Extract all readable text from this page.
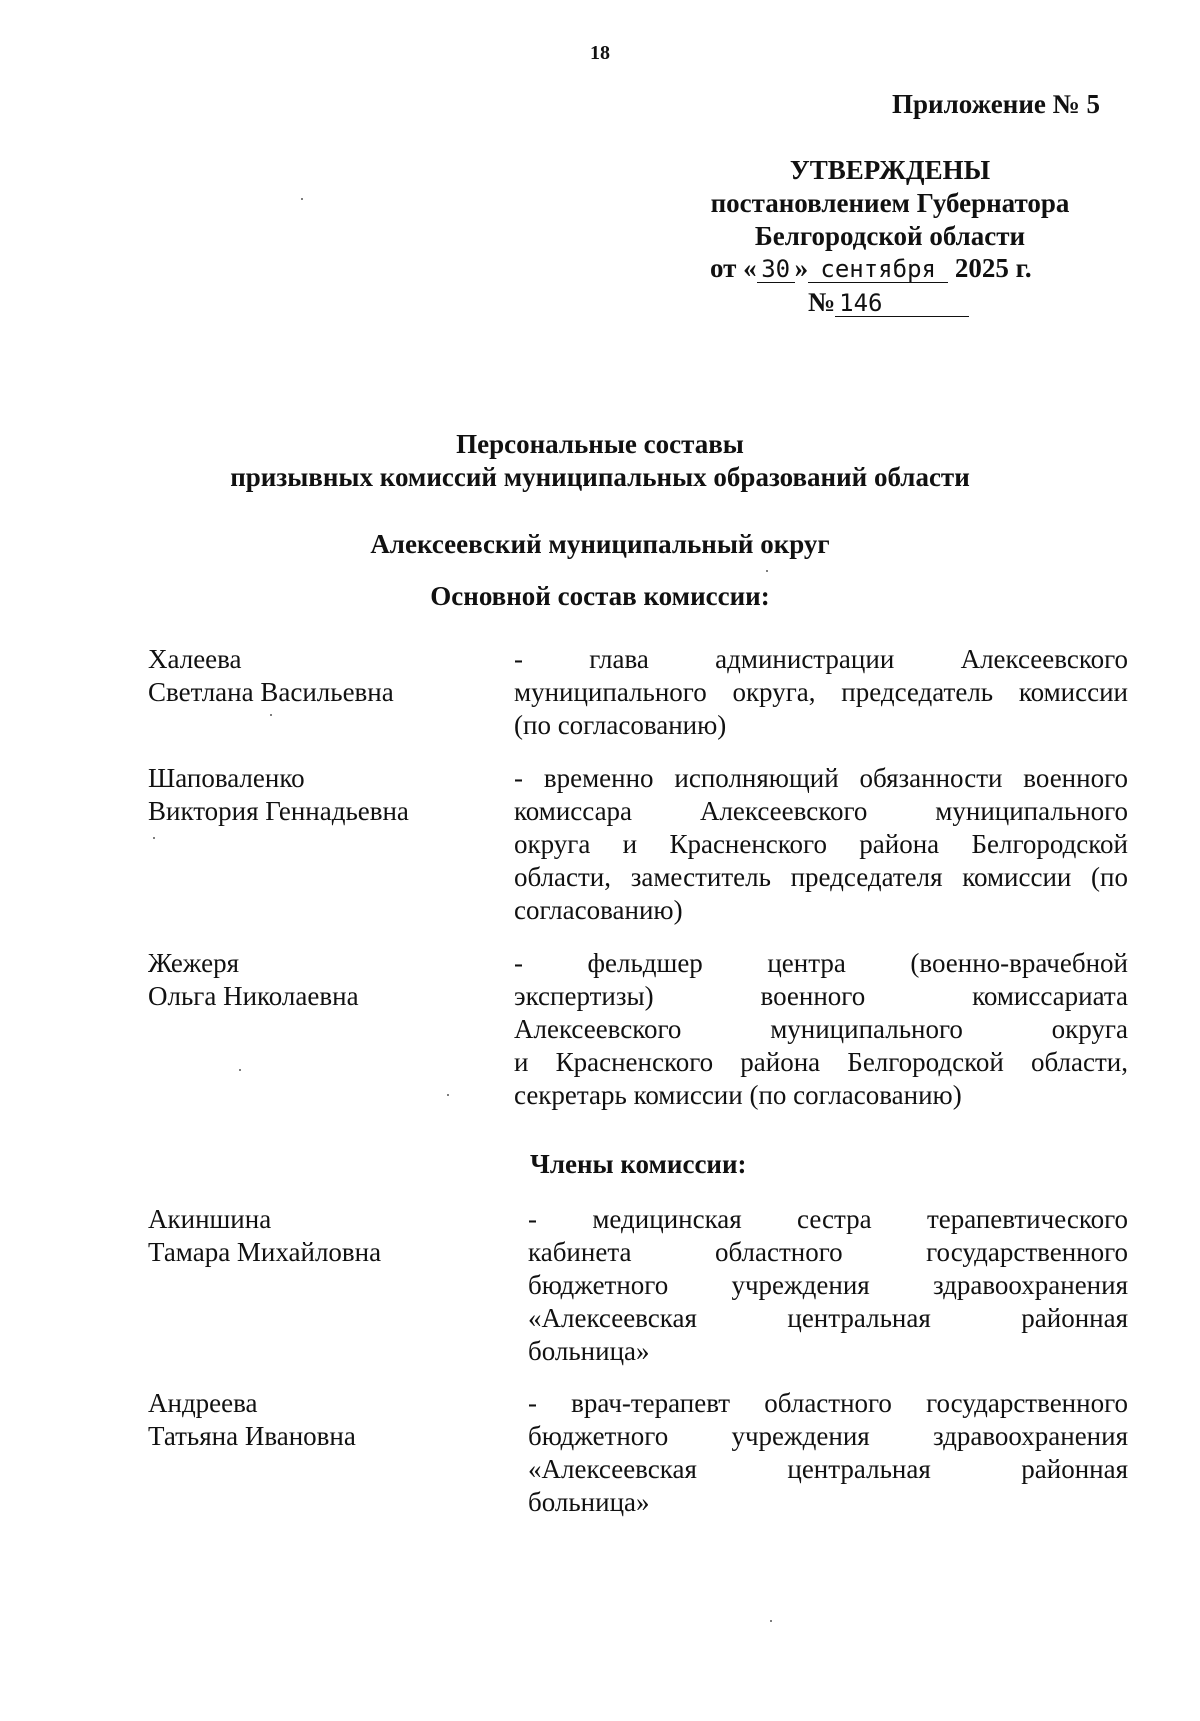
18
Приложение № 5
УТВЕРЖДЕНЫ
постановлением Губернатора
Белгородской области
от « 30 » сентября 2025 г.
№ 146
Персональные составы
призывных комиссий муниципальных образований области
Алексеевский муниципальный округ
Основной состав комиссии:
Халеева
Светлана Васильевна
- глава администрации Алексеевского
муниципального округа, председатель комиссии
(по согласованию)
Шаповаленко
Виктория Геннадьевна
- временно исполняющий обязанности военного
комиссара Алексеевского муниципального
округа и Красненского района Белгородской
области, заместитель председателя комиссии (по
согласованию)
Жежеря
Ольга Николаевна
- фельдшер центра (военно-врачебной
экспертизы) военного комиссариата
Алексеевского муниципального округа
и Красненского района Белгородской области,
секретарь комиссии (по согласованию)
Члены комиссии:
Акиншина
Тамара Михайловна
- медицинская сестра терапевтического
кабинета областного государственного
бюджетного учреждения здравоохранения
«Алексеевская центральная районная
больница»
Андреева
Татьяна Ивановна
- врач-терапевт областного государственного
бюджетного учреждения здравоохранения
«Алексеевская центральная районная
больница»
